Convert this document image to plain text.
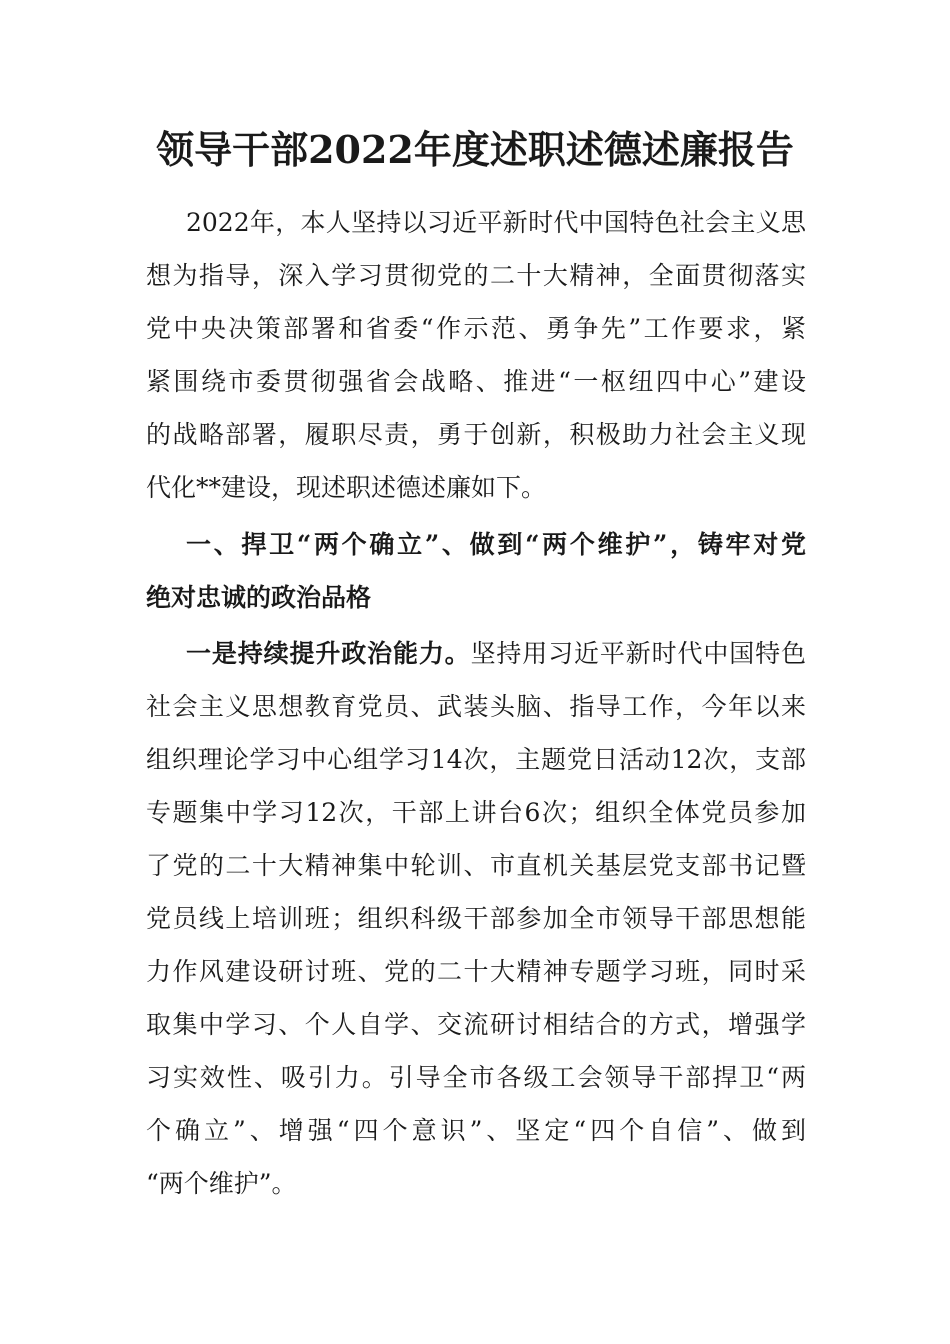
领导干部2022年度述职述德述廉报告
2022年，本人坚持以习近平新时代中国特色社会主义思
想为指导，深入学习贯彻党的二十大精神，全面贯彻落实
党中央决策部署和省委“作示范、勇争先”工作要求，紧
紧围绕市委贯彻强省会战略、推进“一枢纽四中心”建设
的战略部署，履职尽责，勇于创新，积极助力社会主义现
代化**建设，现述职述德述廉如下。
一、捍卫“两个确立”、做到“两个维护”，铸牢对党
绝对忠诚的政治品格
一是持续提升政治能力。坚持用习近平新时代中国特色
社会主义思想教育党员、武装头脑、指导工作，今年以来
组织理论学习中心组学习14次，主题党日活动12次，支部
专题集中学习12次，干部上讲台6次；组织全体党员参加
了党的二十大精神集中轮训、市直机关基层党支部书记暨
党员线上培训班；组织科级干部参加全市领导干部思想能
力作风建设研讨班、党的二十大精神专题学习班，同时采
取集中学习、个人自学、交流研讨相结合的方式，增强学
习实效性、吸引力。引导全市各级工会领导干部捍卫“两
个确立”、增强“四个意识”、坚定“四个自信”、做到
“两个维护”。
